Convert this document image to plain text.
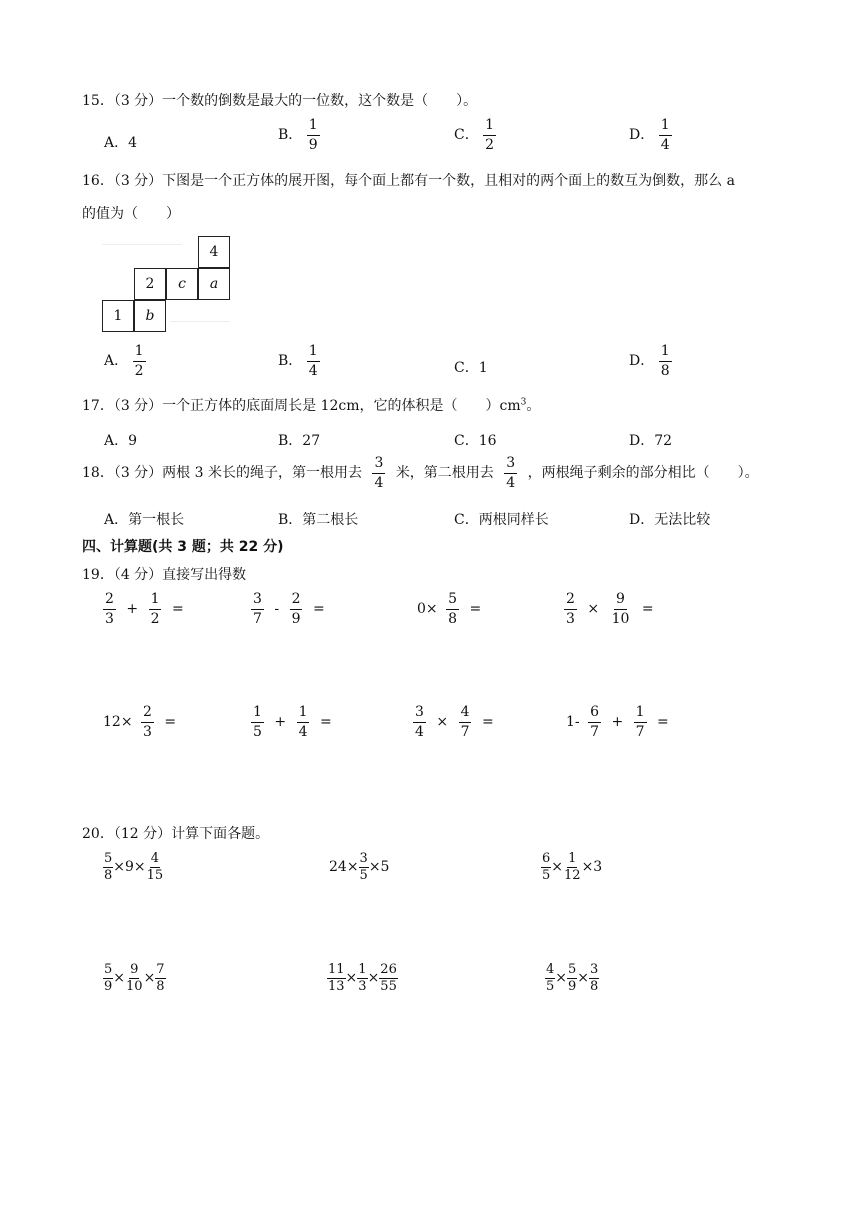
15．（3 分）一个数的倒数是最大的一位数，这个数是（　　）。
A．4	B． $\frac{1}{9}$	C． $\frac{1}{2}$	D． $\frac{1}{4}$
16．（3 分）下图是一个正方体的展开图，每个面上都有一个数，且相对的两个面上的数互为倒数，那么 a
的值为（　　）
4
2	c a
1	b
A． $\frac{1}{2}$	B． $\frac{1}{4}$	C．1	D． $\frac{1}{8}$
17．（3 分）一个正方体的底面周长是 12cm，它的体积是（　　）$cm^3$。
A．9	B．27	C．16	D．72
18．（3 分）两根 3 米长的绳子，第一根用去 $\frac{3}{4}$ 米，第二根用去 $\frac{3}{4}$ ，两根绳子剩余的部分相比（　　）。
A．第一根长	B．第二根长	C．两根同样长	D．无法比较
四、计算题(共 3 题；共 22 分)
19．（4 分）直接写出得数
$\frac{2}{3} + \frac{1}{2}$ =	$\frac{3}{7} - \frac{2}{9}$ =	$0\times \frac{5}{8}$ =	$\frac{2}{3} \times \frac{9}{10}$ =
$12\times \frac{2}{3}$ =	$\frac{1}{5} + \frac{1}{4}$ =	$\frac{3}{4} \times \frac{4}{7}$ =	$1- \frac{6}{7} + \frac{1}{7}$ =
20．（12 分）计算下面各题。
$\frac{5}{8} \times 9\times \frac{4}{15}$	$24\times \frac{3}{5} \times 5$	$\frac{6}{5} \times \frac{1}{12} \times 3$
$\frac{5}{9} \times \frac{9}{10} \times \frac{7}{8}$	$\frac{11}{13} \times \frac{1}{3} \times \frac{26}{55}$	$\frac{4}{5} \times \frac{5}{9} \times \frac{3}{8}$
